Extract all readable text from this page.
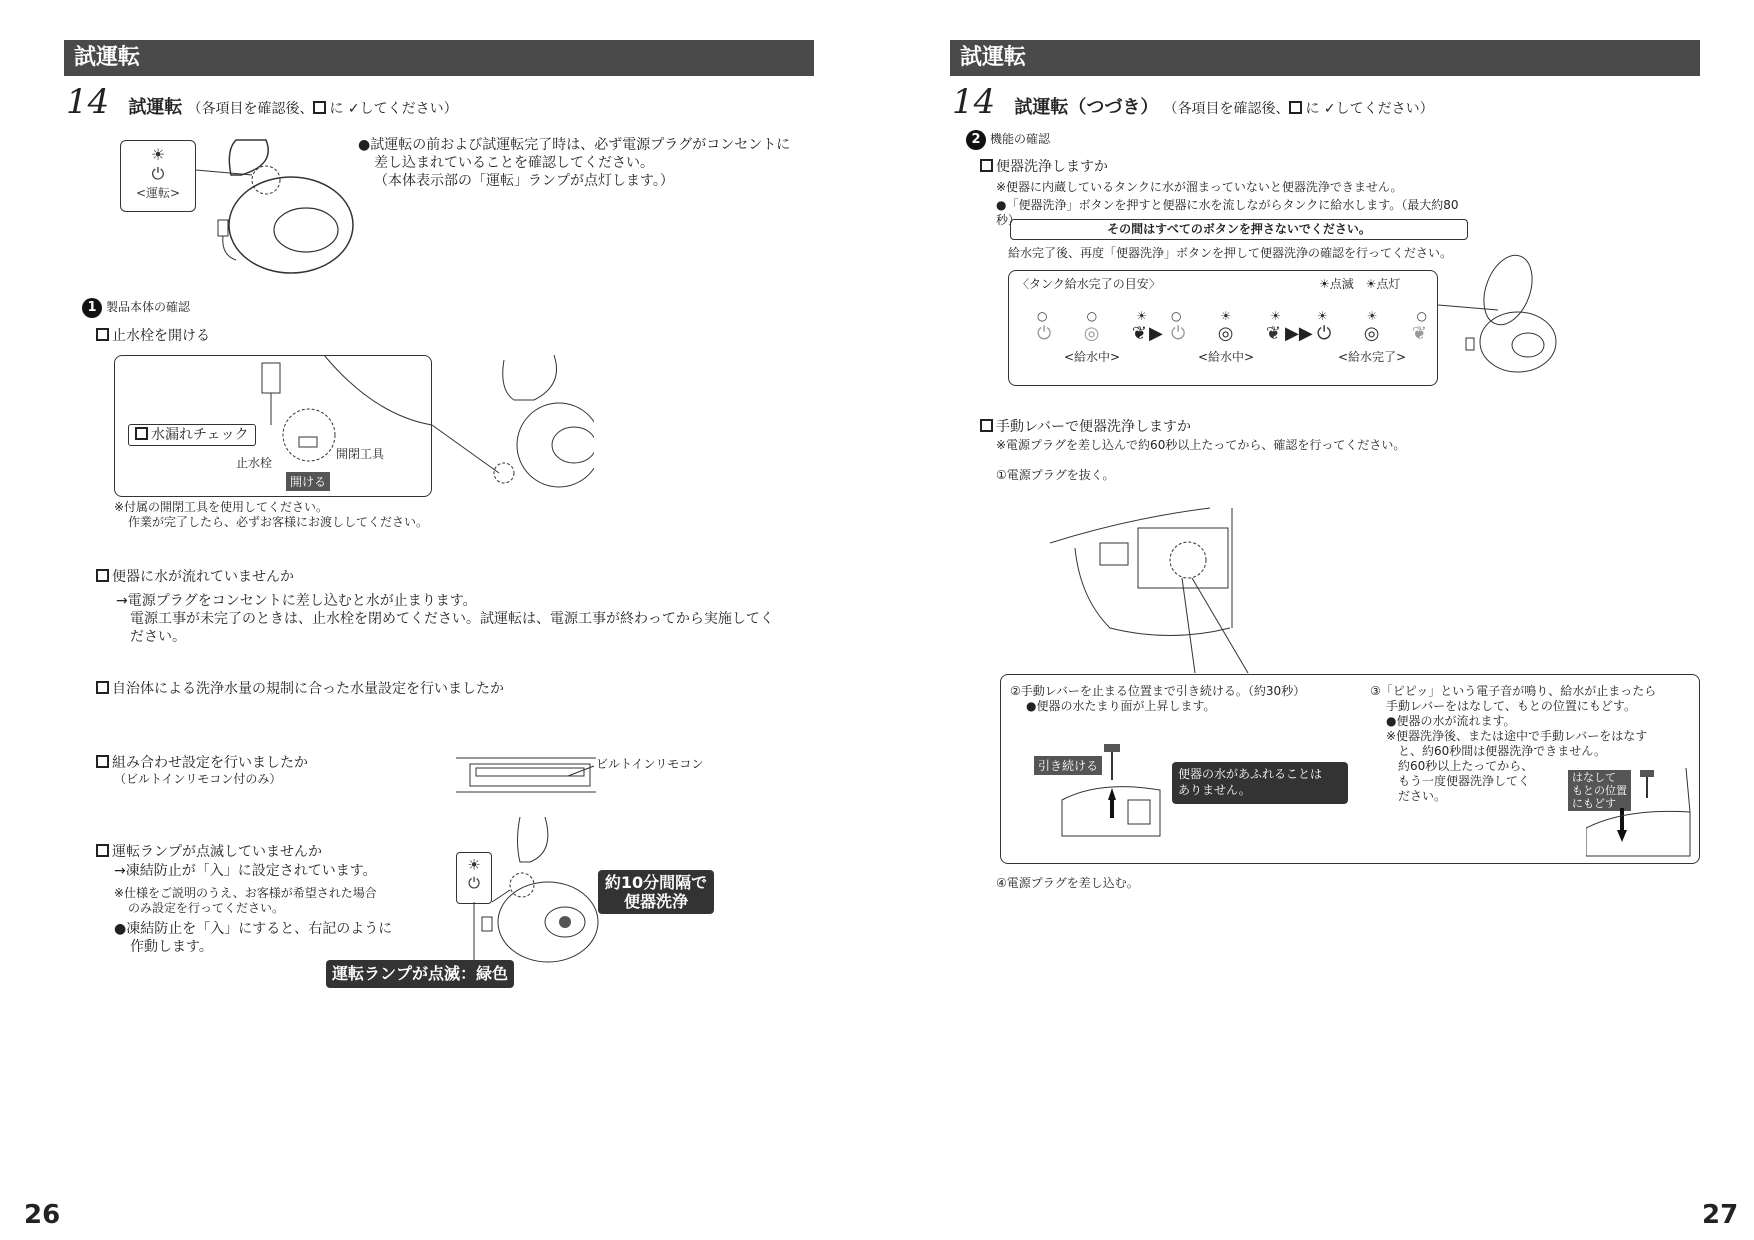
試運転
14 試運転 （各項目を確認後、 に ✓してください）
☀
⏻
<運転>
●試運転の前および試運転完了時は、必ず電源プラグがコンセントに
差し込まれていることを確認してください。
（本体表示部の「運転」ランプが点灯します。）
1 製品本体の確認
止水栓を開ける
水漏れチェック
止水栓
開閉工具
開ける
※付属の開閉工具を使用してください。
作業が完了したら、必ずお客様にお渡ししてください。
便器に水が流れていませんか
→電源プラグをコンセントに差し込むと水が止まります。
電源工事が未完了のときは、止水栓を閉めてください。試運転は、電源工事が終わってから実施してく
ださい。
自治体による洗浄水量の規制に合った水量設定を行いましたか
組み合わせ設定を行いましたか
（ビルトインリモコン付のみ）
ビルトインリモコン
運転ランプが点滅していませんか
→凍結防止が「入」に設定されています。
※仕様をご説明のうえ、お客様が希望された場合
のみ設定を行ってください。
●凍結防止を「入」にすると、右記のように
作動します。
☀
⏻	約10分間隔で
便器洗浄
運転ランプが点滅：緑色
26
試運転
14 試運転（つづき） （各項目を確認後、 に ✓してください）
2 機能の確認
便器洗浄しますか
※便器に内蔵しているタンクに水が溜まっていないと便器洗浄できません。
●「便器洗浄」ボタンを押すと便器に水を流しながらタンクに給水します。（最大約80秒）
その間はすべてのボタンを押さないでください。
給水完了後、再度「便器洗浄」ボタンを押して便器洗浄の確認を行ってください。
〈タンク給水完了の目安〉	☀点滅 ☀点灯
○	○	☀
⏻ ◎ ❦
<給水中>
▶
○	☀	☀
⏻ ◎ ❦
<給水中>
▶▶
☀	☀	○
⏻ ◎ ❦
<給水完了>
手動レバーで便器洗浄しますか
※電源プラグを差し込んで約60秒以上たってから、確認を行ってください。
①電源プラグを抜く。
②手動レバーを止まる位置まで引き続ける。（約30秒）
●便器の水たまり面が上昇します。
引き続ける
便器の水があふれることは
ありません。
③「ピピッ」という電子音が鳴り、給水が止まったら
手動レバーをはなして、もとの位置にもどす。
●便器の水が流れます。
※便器洗浄後、または途中で手動レバーをはなす
と、約60秒間は便器洗浄できません。
約60秒以上たってから、
もう一度便器洗浄してく
ださい。
はなして
もとの位置
にもどす
④電源プラグを差し込む。
27
